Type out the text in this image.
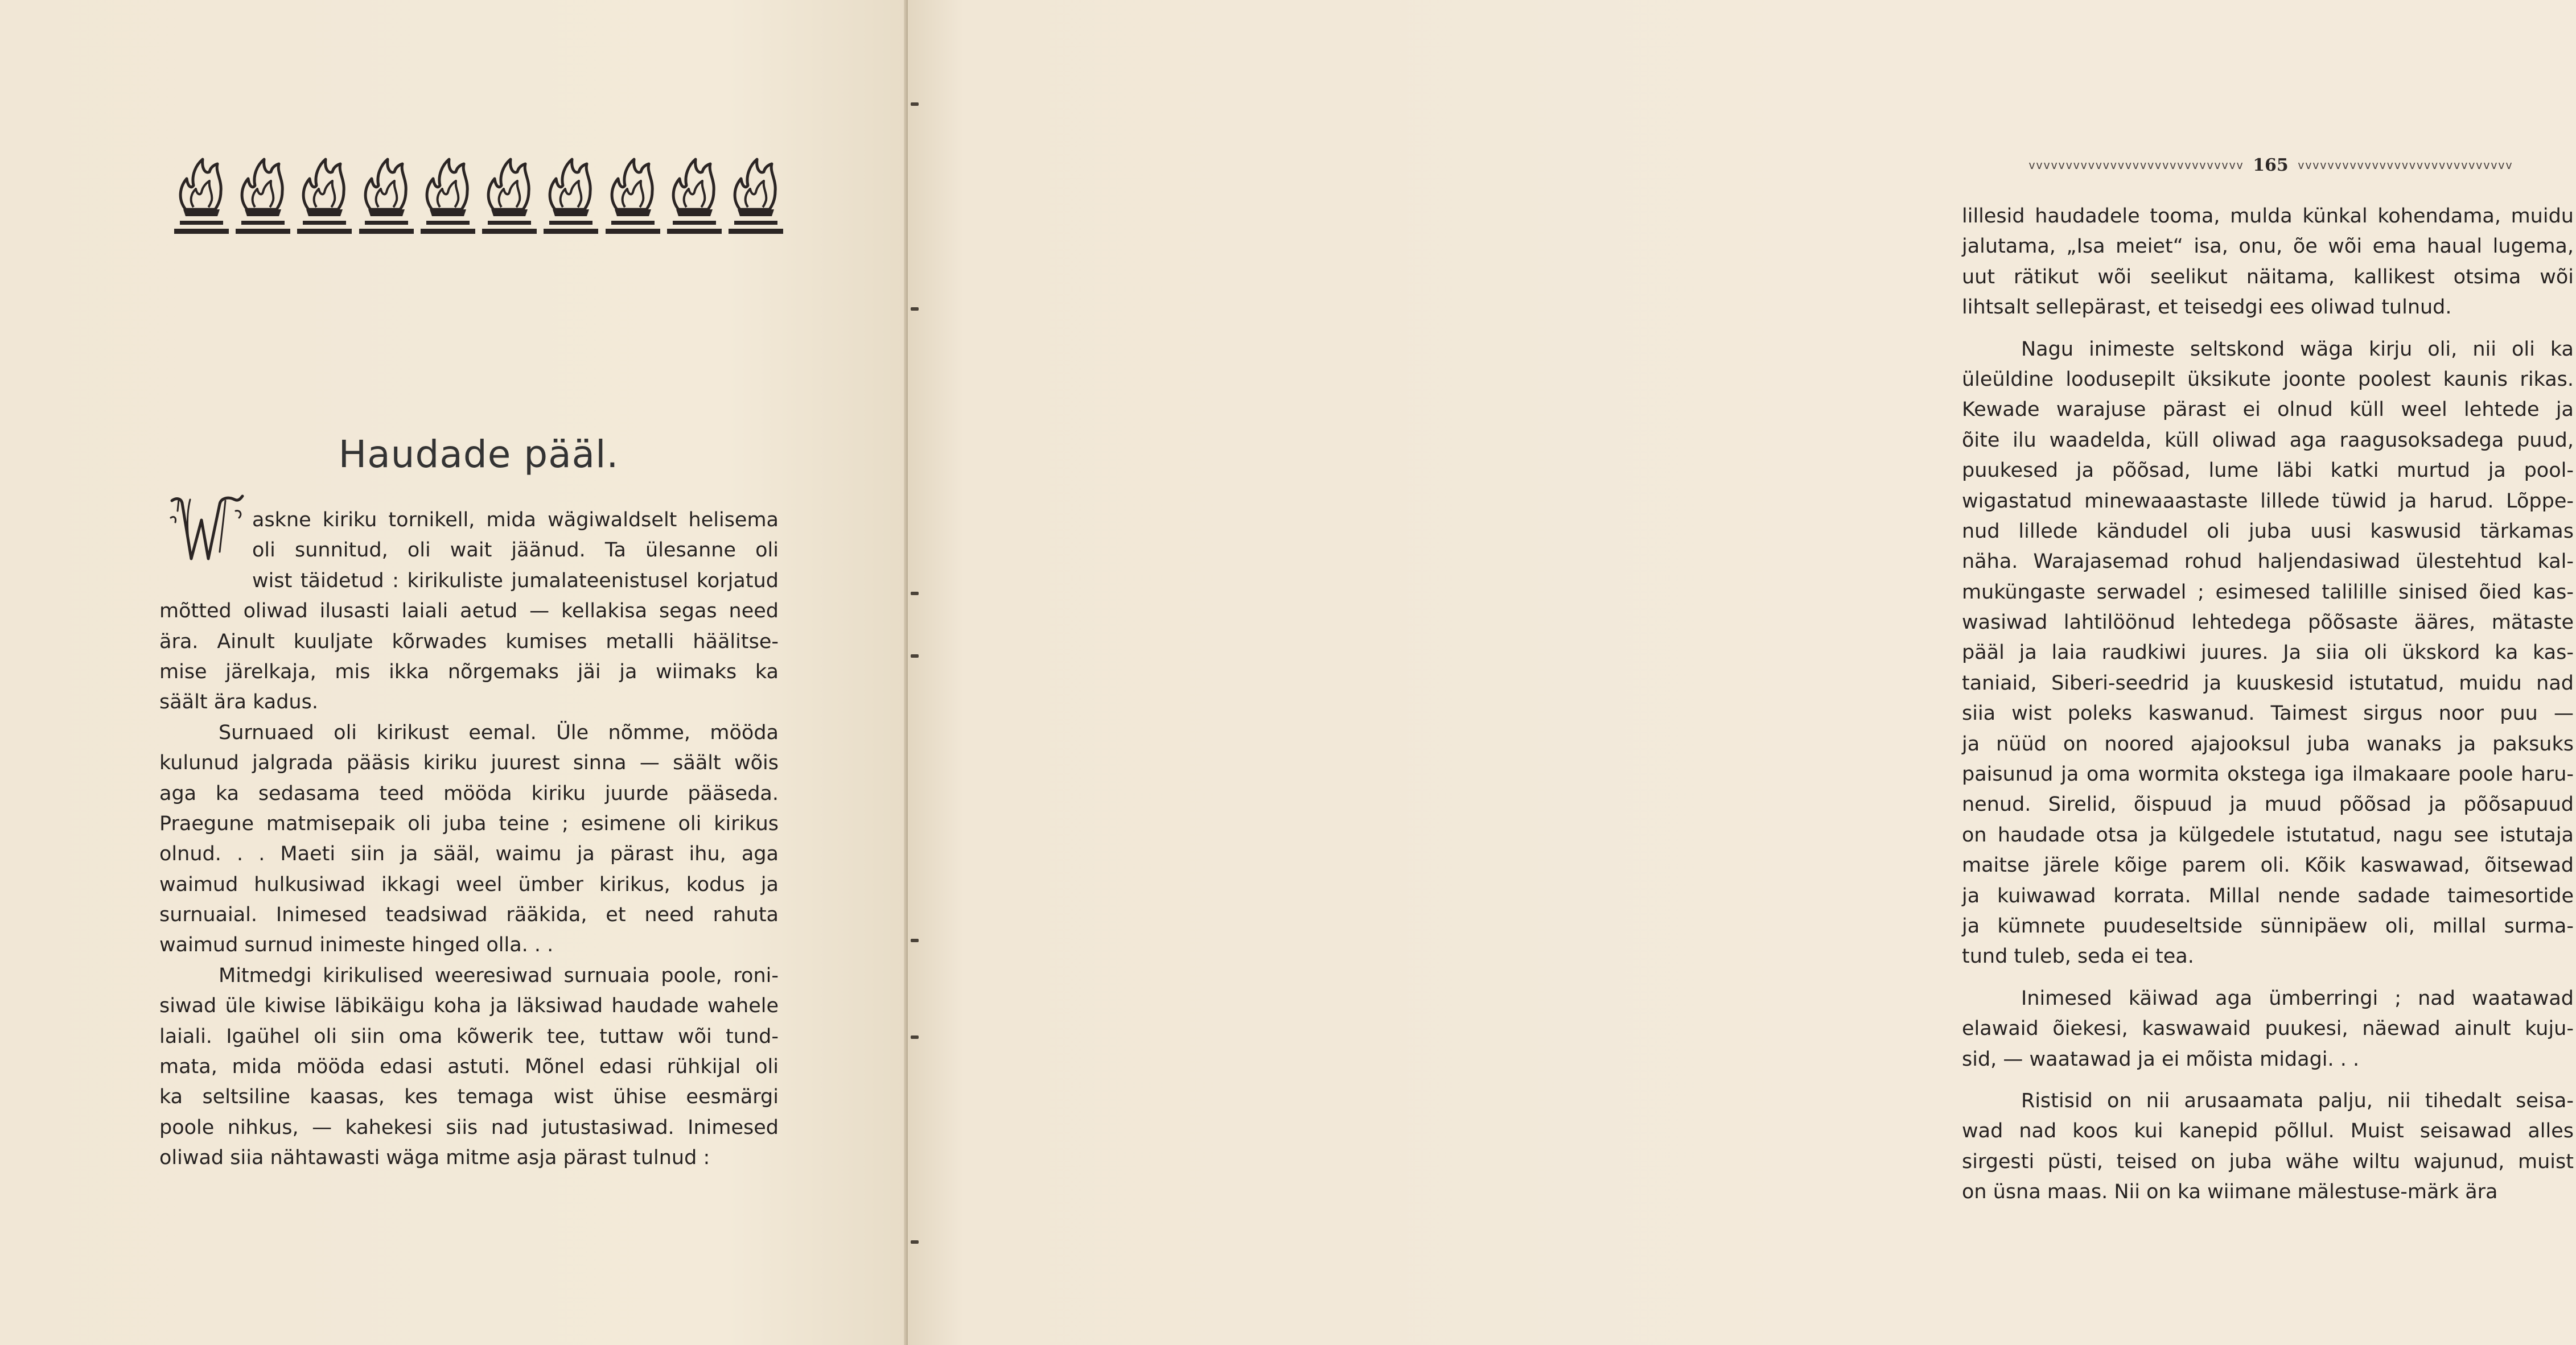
Haudade pääl.
askne kiriku tornikell, mida wägiwaldselt helisema
oli sunnitud, oli wait jäänud. Ta ülesanne oli
wist täidetud : kirikuliste jumalateenistusel korjatud
mõtted oliwad ilusasti laiali aetud — kellakisa segas need
ära. Ainult kuuljate kõrwades kumises metalli häälitse-
mise järelkaja, mis ikka nõrgemaks jäi ja wiimaks ka
säält ära kadus.
Surnuaed oli kirikust eemal. Üle nõmme, mööda
kulunud jalgrada pääsis kiriku juurest sinna — säält wõis
aga ka sedasama teed mööda kiriku juurde pääseda.
Praegune matmisepaik oli juba teine ; esimene oli kirikus
olnud. . . Maeti siin ja sääl, waimu ja pärast ihu, aga
waimud hulkusiwad ikkagi weel ümber kirikus, kodus ja
surnuaial. Inimesed teadsiwad rääkida, et need rahuta
waimud surnud inimeste hinged olla. . .
Mitmedgi kirikulised weeresiwad surnuaia poole, roni-
siwad üle kiwise läbikäigu koha ja läksiwad haudade wahele
laiali. Igaühel oli siin oma kõwerik tee, tuttaw wõi tund-
mata, mida mööda edasi astuti. Mõnel edasi rühkijal oli
ka seltsiline kaasas, kes temaga wist ühise eesmärgi
poole nihkus, — kahekesi siis nad jutustasiwad. Inimesed
oliwad siia nähtawasti wäga mitme asja pärast tulnud :
vvvvvvvvvvvvvvvvvvvvvvvvvvvvv 165 vvvvvvvvvvvvvvvvvvvvvvvvvvvvv
lillesid haudadele tooma, mulda künkal kohendama, muidu
jalutama, „Isa meiet“ isa, onu, õe wõi ema haual lugema,
uut rätikut wõi seelikut näitama, kallikest otsima wõi
lihtsalt sellepärast, et teisedgi ees oliwad tulnud.
Nagu inimeste seltskond wäga kirju oli, nii oli ka
üleüldine loodusepilt üksikute joonte poolest kaunis rikas.
Kewade warajuse pärast ei olnud küll weel lehtede ja
õite ilu waadelda, küll oliwad aga raagusoksadega puud,
puukesed ja põõsad, lume läbi katki murtud ja pool-
wigastatud minewaaastaste lillede tüwid ja harud. Lõppe-
nud lillede kändudel oli juba uusi kaswusid tärkamas
näha. Warajasemad rohud haljendasiwad ülestehtud kal-
muküngaste serwadel ; esimesed talilille sinised õied kas-
wasiwad lahtilöönud lehtedega põõsaste ääres, mätaste
pääl ja laia raudkiwi juures. Ja siia oli ükskord ka kas-
taniaid, Siberi-seedrid ja kuuskesid istutatud, muidu nad
siia wist poleks kaswanud. Taimest sirgus noor puu —
ja nüüd on noored ajajooksul juba wanaks ja paksuks
paisunud ja oma wormita okstega iga ilmakaare poole haru-
nenud. Sirelid, õispuud ja muud põõsad ja põõsapuud
on haudade otsa ja külgedele istutatud, nagu see istutaja
maitse järele kõige parem oli. Kõik kaswawad, õitsewad
ja kuiwawad korrata. Millal nende sadade taimesortide
ja kümnete puudeseltside sünnipäew oli, millal surma-
tund tuleb, seda ei tea.
Inimesed käiwad aga ümberringi ; nad waatawad
elawaid õiekesi, kaswawaid puukesi, näewad ainult kuju-
sid, — waatawad ja ei mõista midagi. . .
Ristisid on nii arusaamata palju, nii tihedalt seisa-
wad nad koos kui kanepid põllul. Muist seisawad alles
sirgesti püsti, teised on juba wähe wiltu wajunud, muist
on üsna maas. Nii on ka wiimane mälestuse-märk ära
